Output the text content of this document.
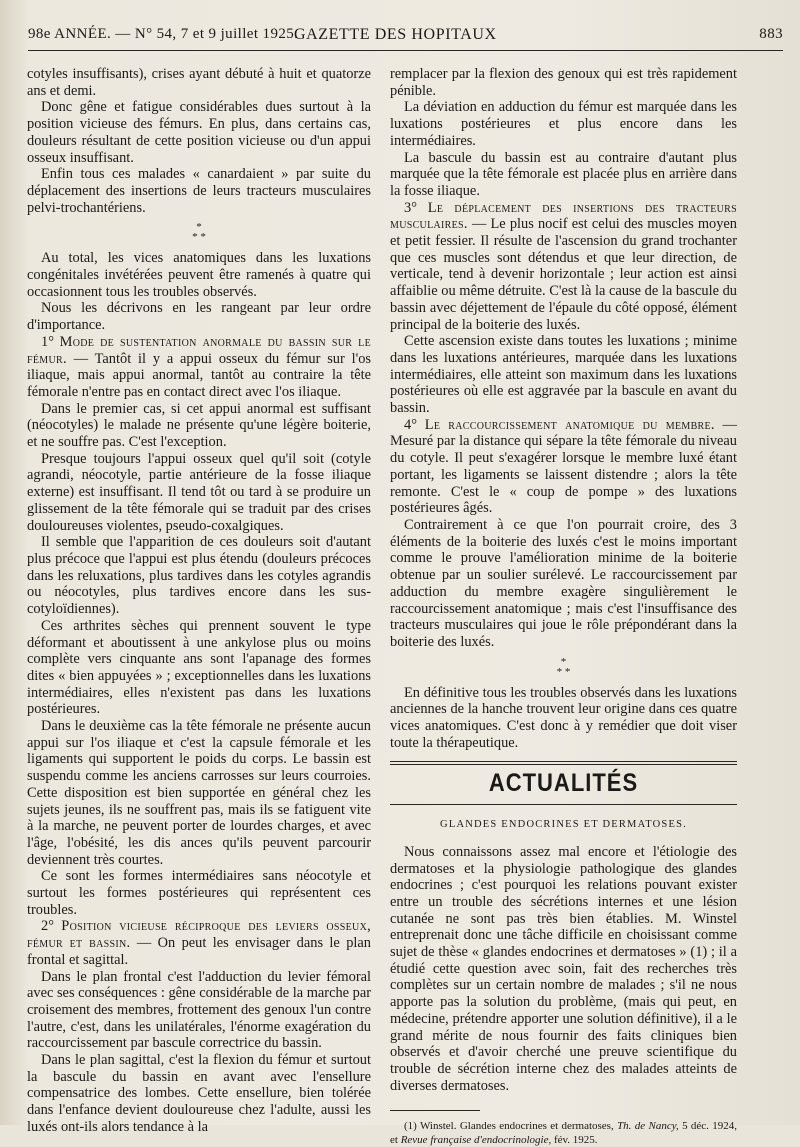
98e ANNÉE. — N° 54, 7 et 9 juillet 1925.
GAZETTE DES HOPITAUX	883

cotyles insuffisants), crises ayant débuté à huit et quatorze ans et demi.

Donc gêne et fatigue considérables dues surtout à la position vicieuse des fémurs. En plus, dans certains cas, douleurs résultant de cette position vicieuse ou d'un appui osseux insuffisant.

Enfin tous ces malades « canardaient » par suite du déplacement des insertions de leurs tracteurs musculaires pelvi-trochantériens.

*
* *

Au total, les vices anatomiques dans les luxations congénitales invétérées peuvent être ramenés à quatre qui occasionnent tous les troubles observés.

Nous les décrivons en les rangeant par leur ordre d'importance.

1° Mode de sustentation anormale du bassin sur le fémur. — Tantôt il y a appui osseux du fémur sur l'os iliaque, mais appui anormal, tantôt au contraire la tête fémorale n'entre pas en contact direct avec l'os iliaque.

Dans le premier cas, si cet appui anormal est suffisant (néocotyles) le malade ne présente qu'une légère boiterie, et ne souffre pas. C'est l'exception.

Presque toujours l'appui osseux quel qu'il soit (cotyle agrandi, néocotyle, partie antérieure de la fosse iliaque externe) est insuffisant. Il tend tôt ou tard à se produire un glissement de la tête fémorale qui se traduit par des crises douloureuses violentes, pseudo-coxalgiques.

Il semble que l'apparition de ces douleurs soit d'autant plus précoce que l'appui est plus étendu (douleurs précoces dans les reluxations, plus tardives dans les cotyles agrandis ou néocotyles, plus tardives encore dans les sus-cotyloïdiennes).

Ces arthrites sèches qui prennent souvent le type déformant et aboutissent à une ankylose plus ou moins complète vers cinquante ans sont l'apanage des formes dites « bien appuyées » ; exceptionnelles dans les luxations intermédiaires, elles n'existent pas dans les luxations postérieures.

Dans le deuxième cas la tête fémorale ne présente aucun appui sur l'os iliaque et c'est la capsule fémorale et les ligaments qui supportent le poids du corps. Le bassin est suspendu comme les anciens carrosses sur leurs courroies. Cette disposition est bien supportée en général chez les sujets jeunes, ils ne souffrent pas, mais ils se fatiguent vite à la marche, ne peuvent porter de lourdes charges, et avec l'âge, l'obésité, les dis ances qu'ils peuvent parcourir deviennent très courtes.

Ce sont les formes intermédiaires sans néocotyle et surtout les formes postérieures qui représentent ces troubles.

2° Position vicieuse réciproque des leviers osseux, fémur et bassin. — On peut les envisager dans le plan frontal et sagittal.

Dans le plan frontal c'est l'adduction du levier fémoral avec ses conséquences : gêne considérable de la marche par croisement des membres, frottement des genoux l'un contre l'autre, c'est, dans les unilatérales, l'énorme exagération du raccourcissement par bascule correctrice du bassin.

Dans le plan sagittal, c'est la flexion du fémur et surtout la bascule du bassin en avant avec l'ensellure compensatrice des lombes. Cette ensellure, bien tolérée dans l'enfance devient douloureuse chez l'adulte, aussi les luxés ont-ils alors tendance à la

remplacer par la flexion des genoux qui est très rapidement pénible.

La déviation en adduction du fémur est marquée dans les luxations postérieures et plus encore dans les intermédiaires.

La bascule du bassin est au contraire d'autant plus marquée que la tête fémorale est placée plus en arrière dans la fosse iliaque.

3° Le déplacement des insertions des tracteurs musculaires. — Le plus nocif est celui des muscles moyen et petit fessier. Il résulte de l'ascension du grand trochanter que ces muscles sont détendus et que leur direction, de verticale, tend à devenir horizontale ; leur action est ainsi affaiblie ou même détruite. C'est là la cause de la bascule du bassin avec déjettement de l'épaule du côté opposé, élément principal de la boiterie des luxés.

Cette ascension existe dans toutes les luxations ; minime dans les luxations antérieures, marquée dans les luxations intermédiaires, elle atteint son maximum dans les luxations postérieures où elle est aggravée par la bascule en avant du bassin.

4° Le raccourcissement anatomique du membre. — Mesuré par la distance qui sépare la tête fémorale du niveau du cotyle. Il peut s'exagérer lorsque le membre luxé étant portant, les ligaments se laissent distendre ; alors la tête remonte. C'est le « coup de pompe » des luxations postérieures âgés.

Contrairement à ce que l'on pourrait croire, des 3 éléments de la boiterie des luxés c'est le moins important comme le prouve l'amélioration minime de la boiterie obtenue par un soulier surélevé. Le raccourcissement par adduction du membre exagère singulièrement le raccourcissement anatomique ; mais c'est l'insuffisance des tracteurs musculaires qui joue le rôle prépondérant dans la boiterie des luxés.

*
* *

En définitive tous les troubles observés dans les luxations anciennes de la hanche trouvent leur origine dans ces quatre vices anatomiques. C'est donc à y remédier que doit viser toute la thérapeutique.

ACTUALITÉS
GLANDES ENDOCRINES ET DERMATOSES.

Nous connaissons assez mal encore et l'étiologie des dermatoses et la physiologie pathologique des glandes endocrines ; c'est pourquoi les relations pouvant exister entre un trouble des sécrétions internes et une lésion cutanée ne sont pas très bien établies. M. Winstel entreprenait donc une tâche difficile en choisissant comme sujet de thèse « glandes endocrines et dermatoses » (1) ; il a étudié cette question avec soin, fait des recherches très complètes sur un certain nombre de malades ; s'il ne nous apporte pas la solution du problème, (mais qui peut, en médecine, prétendre apporter une solution définitive), il a le grand mérite de nous fournir des faits cliniques bien observés et d'avoir cherché une preuve scientifique du trouble de sécrétion interne chez des malades atteints de diverses dermatoses.

(1) Winstel. Glandes endocrines et dermatoses, Th. de Nancy, 5 déc. 1924, et Revue française d'endocrinologie, fév. 1925.
